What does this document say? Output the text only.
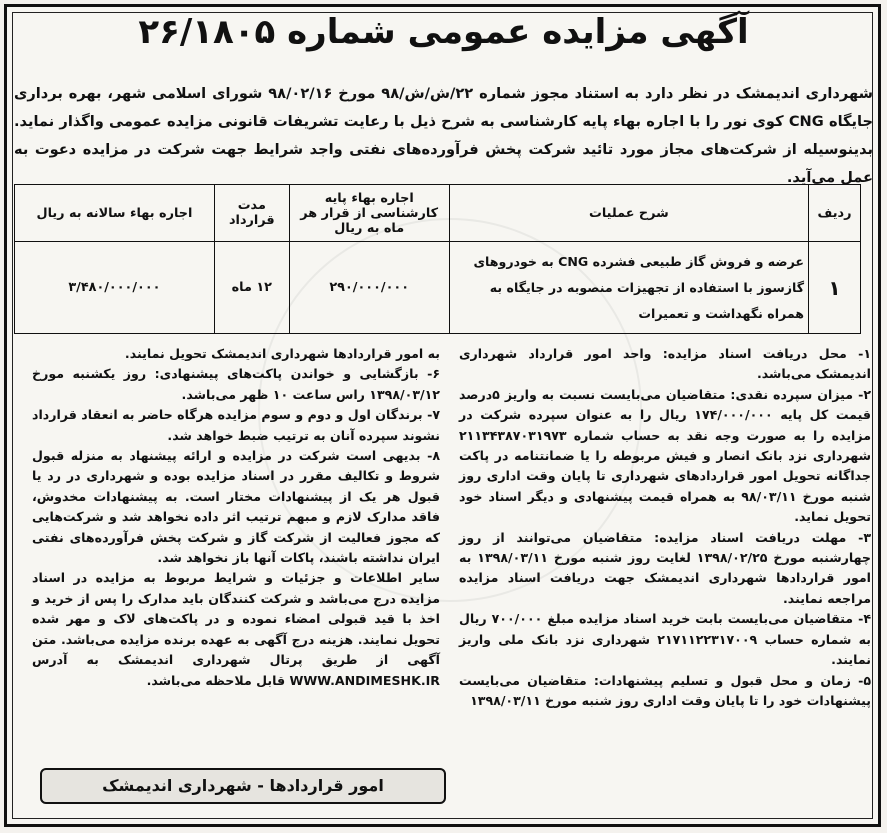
آگهی مزایده عمومی شماره ۲۶/۱۸۰۵
شهرداری اندیمشک در نظر دارد به استناد مجوز شماره ۲۲/ش/ش/۹۸ مورخ ۹۸/۰۲/۱۶ شورای اسلامی شهر، بهره برداری جایگاه CNG کوی نور را با اجاره بهاء پایه کارشناسی به شرح ذیل با رعایت تشریفات قانونی مزایده عمومی واگذار نماید. بدینوسیله از شرکت‌های مجاز مورد تائید شرکت پخش فرآورده‌های نفتی واجد شرایط جهت شرکت در مزایده دعوت به عمل می‌آید.
ردیف	شرح عملیات	اجاره بهاء پایه کارشناسی از قرار هر ماه به ریال	مدت قرارداد	اجاره بهاء سالانه به ریال
۱	عرضه و فروش گاز طبیعی فشرده CNG به خودروهای گازسوز با استفاده از تجهیزات منصوبه در جایگاه به همراه نگهداشت و تعمیرات	۲۹۰/۰۰۰/۰۰۰	۱۲ ماه	۳/۴۸۰/۰۰۰/۰۰۰

۱- محل دریافت اسناد مزایده: واحد امور قرارداد شهرداری اندیمشک می‌باشد.

۲- میزان سپرده نقدی: متقاضیان می‌بایست نسبت به واریز ۵درصد قیمت کل پایه ۱۷۴/۰۰۰/۰۰۰ ریال را به عنوان سپرده شرکت در مزایده را به صورت وجه نقد به حساب شماره ۲۱۱۳۴۳۸۷۰۳۱۹۷۳ شهرداری نزد بانک انصار و فیش مربوطه را یا ضمانتنامه در پاکت جداگانه تحویل امور قراردادهای شهرداری تا پایان وقت اداری روز شنبه مورخ ۹۸/۰۳/۱۱ به همراه قیمت پیشنهادی و دیگر اسناد خود تحویل نماید.

۳- مهلت دریافت اسناد مزایده: متقاضیان می‌توانند از روز چهارشنبه مورخ ۱۳۹۸/۰۲/۲۵ لغایت روز شنبه مورخ ۱۳۹۸/۰۳/۱۱ به امور قراردادها شهرداری اندیمشک جهت دریافت اسناد مزایده مراجعه نمایند.

۴- متقاضیان می‌بایست بابت خرید اسناد مزایده مبلغ ۷۰۰/۰۰۰ ریال به شماره حساب ۲۱۷۱۱۲۲۳۱۷۰۰۹ شهرداری نزد بانک ملی واریز نمایند.

۵- زمان و محل قبول و تسلیم پیشنهادات: متقاضیان می‌بایست پیشنهادات خود را تا پایان وقت اداری روز شنبه مورخ ۱۳۹۸/۰۳/۱۱

به امور قراردادها شهرداری اندیمشک تحویل نمایند.

۶- بازگشایی و خواندن پاکت‌های پیشنهادی: روز یکشنبه مورخ ۱۳۹۸/۰۳/۱۲ راس ساعت ۱۰ ظهر می‌باشد.

۷- برندگان اول و دوم و سوم مزایده هرگاه حاضر به انعقاد قرارداد نشوند سپرده آنان به ترتیب ضبط خواهد شد.

۸- بدیهی است شرکت در مزایده و ارائه پیشنهاد به منزله قبول شروط و تکالیف مقرر در اسناد مزایده بوده و شهرداری در رد یا قبول هر یک از پیشنهادات مختار است. به پیشنهادات مخدوش، فاقد مدارک لازم و مبهم ترتیب اثر داده نخواهد شد و شرکت‌هایی که مجوز فعالیت از شرکت گاز و شرکت پخش فرآورده‌های نفتی ایران نداشته باشند، پاکات آنها باز نخواهد شد.

سایر اطلاعات و جزئیات و شرایط مربوط به مزایده در اسناد مزایده درج می‌باشد و شرکت کنندگان باید مدارک را پس از خرید و اخذ با قید قبولی امضاء نموده و در پاکت‌های لاک و مهر شده تحویل نمایند. هزینه درج آگهی به عهده برنده مزایده می‌باشد. متن آگهی از طریق پرتال شهرداری اندیمشک به آدرس WWW.ANDIMESHK.IR قابل ملاحظه می‌باشد.

امور قراردادها - شهرداری اندیمشک
